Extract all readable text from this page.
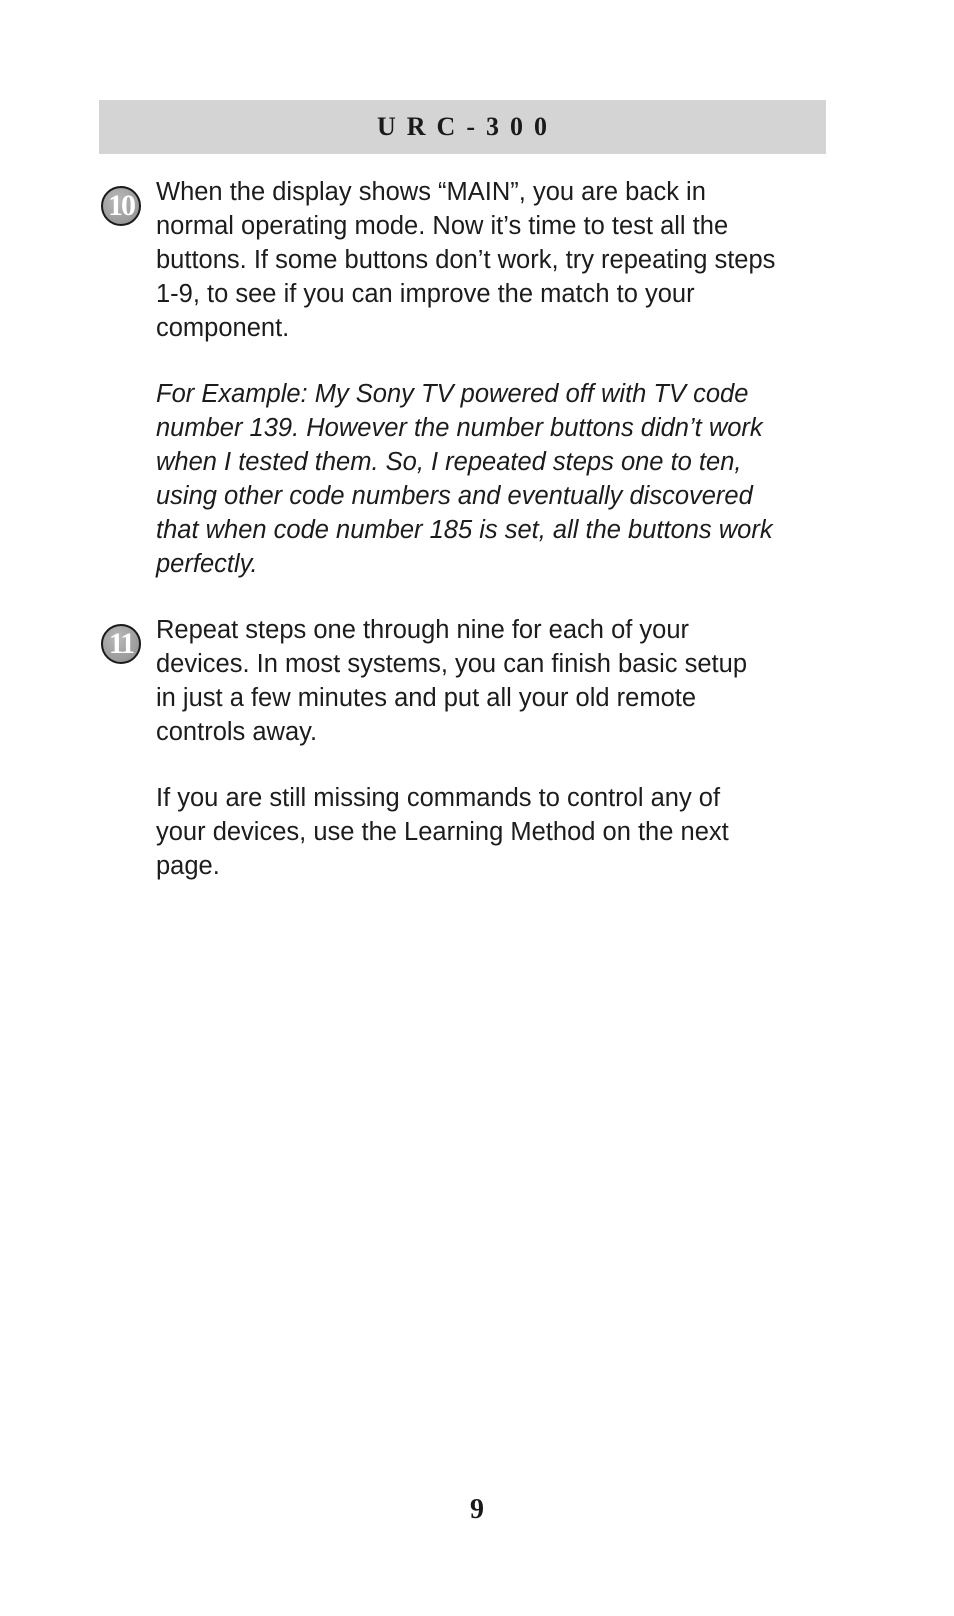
URC-300
10 When the display shows “MAIN”, you are back in normal operating mode. Now it’s time to test all the buttons. If some buttons don’t work, try repeating steps 1-9, to see if you can improve the match to your component.

For Example: My Sony TV powered off with TV code number 139. However the number buttons didn’t work when I tested them. So, I repeated steps one to ten, using other code numbers and eventually discovered that when code number 185 is set, all the buttons work perfectly.

11 Repeat steps one through nine for each of your devices. In most systems, you can finish basic setup in just a few minutes and put all your old remote controls away.

If you are still missing commands to control any of your devices, use the Learning Method on the next page.

9
